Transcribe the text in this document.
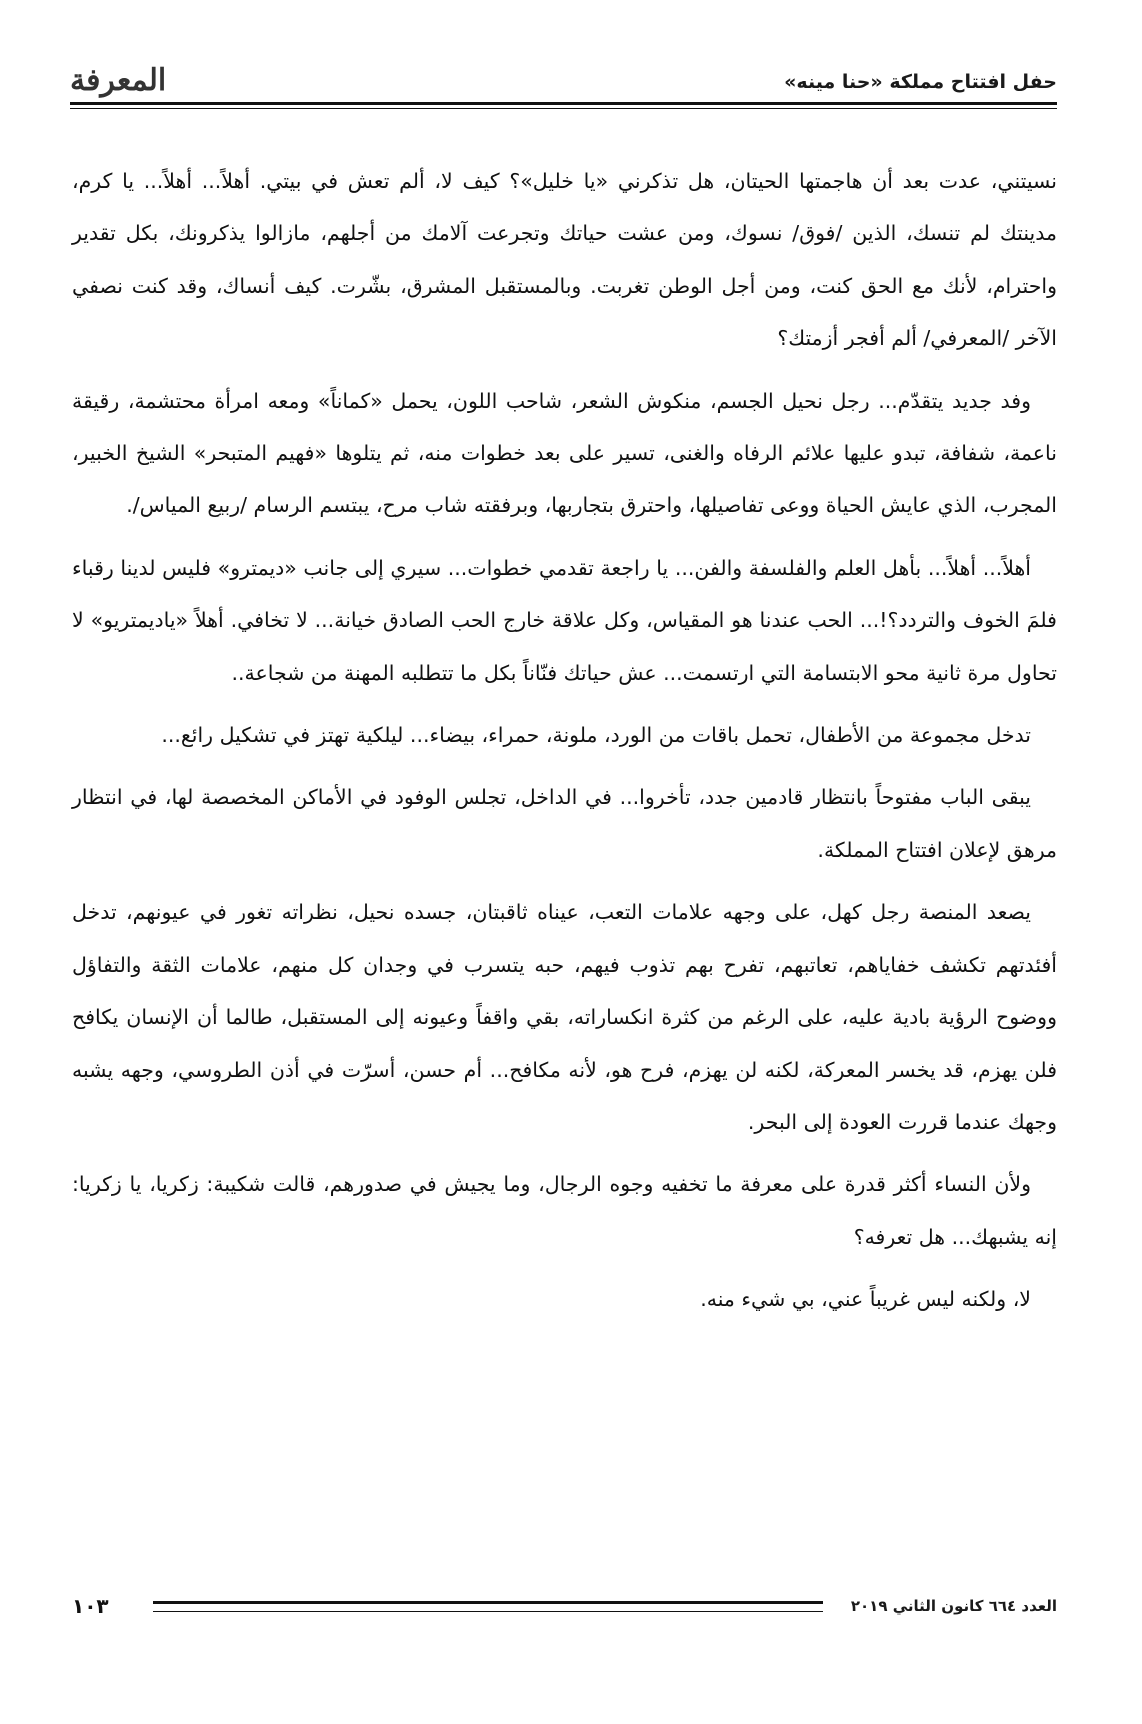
حفل افتتاح مملكة «حنا مينه»
المعرفة

نسيتني، عدت بعد أن هاجمتها الحيتان، هل تذكرني «يا خليل»؟ كيف لا، ألم تعش في بيتي. أهلاً... أهلاً... يا كرم، مدينتك لم تنسك، الذين /فوق/ نسوك، ومن عشت حياتك وتجرعت آلامك من أجلهم، مازالوا يذكرونك، بكل تقدير واحترام، لأنك مع الحق كنت، ومن أجل الوطن تغربت. وبالمستقبل المشرق، بشّرت. كيف أنساك، وقد كنت نصفي الآخر /المعرفي/ ألم أفجر أزمتك؟

وفد جديد يتقدّم... رجل نحيل الجسم، منكوش الشعر، شاحب اللون، يحمل «كماناً» ومعه امرأة محتشمة، رقيقة ناعمة، شفافة، تبدو عليها علائم الرفاه والغنى، تسير على بعد خطوات منه، ثم يتلوها «فهيم المتبحر» الشيخ الخبير، المجرب، الذي عايش الحياة ووعى تفاصيلها، واحترق بتجاربها، وبرفقته شاب مرح، يبتسم الرسام /ربيع المياس/.

أهلاً... أهلاً... بأهل العلم والفلسفة والفن... يا راجعة تقدمي خطوات... سيري إلى جانب «ديمترو» فليس لدينا رقباء فلمَ الخوف والتردد؟!... الحب عندنا هو المقياس، وكل علاقة خارج الحب الصادق خيانة... لا تخافي. أهلاً «ياديمتريو» لا تحاول مرة ثانية محو الابتسامة التي ارتسمت... عش حياتك فنّاناً بكل ما تتطلبه المهنة من شجاعة..

تدخل مجموعة من الأطفال، تحمل باقات من الورد، ملونة، حمراء، بيضاء... ليلكية تهتز في تشكيل رائع...

يبقى الباب مفتوحاً بانتظار قادمين جدد، تأخروا... في الداخل، تجلس الوفود في الأماكن المخصصة لها، في انتظار مرهق لإعلان افتتاح المملكة.

يصعد المنصة رجل كهل، على وجهه علامات التعب، عيناه ثاقبتان، جسده نحيل، نظراته تغور في عيونهم، تدخل أفئدتهم تكشف خفاياهم، تعاتبهم، تفرح بهم تذوب فيهم، حبه يتسرب في وجدان كل منهم، علامات الثقة والتفاؤل ووضوح الرؤية بادية عليه، على الرغم من كثرة انكساراته، بقي واقفاً وعيونه إلى المستقبل، طالما أن الإنسان يكافح فلن يهزم، قد يخسر المعركة، لكنه لن يهزم، فرح هو، لأنه مكافح... أم حسن، أسرّت في أذن الطروسي، وجهه يشبه وجهك عندما قررت العودة إلى البحر.

ولأن النساء أكثر قدرة على معرفة ما تخفيه وجوه الرجال، وما يجيش في صدورهم، قالت شكيبة: زكريا، يا زكريا: إنه يشبهك... هل تعرفه؟

لا، ولكنه ليس غريباً عني، بي شيء منه.

العدد ٦٦٤ كانون الثاني ٢٠١٩
١٠٣
